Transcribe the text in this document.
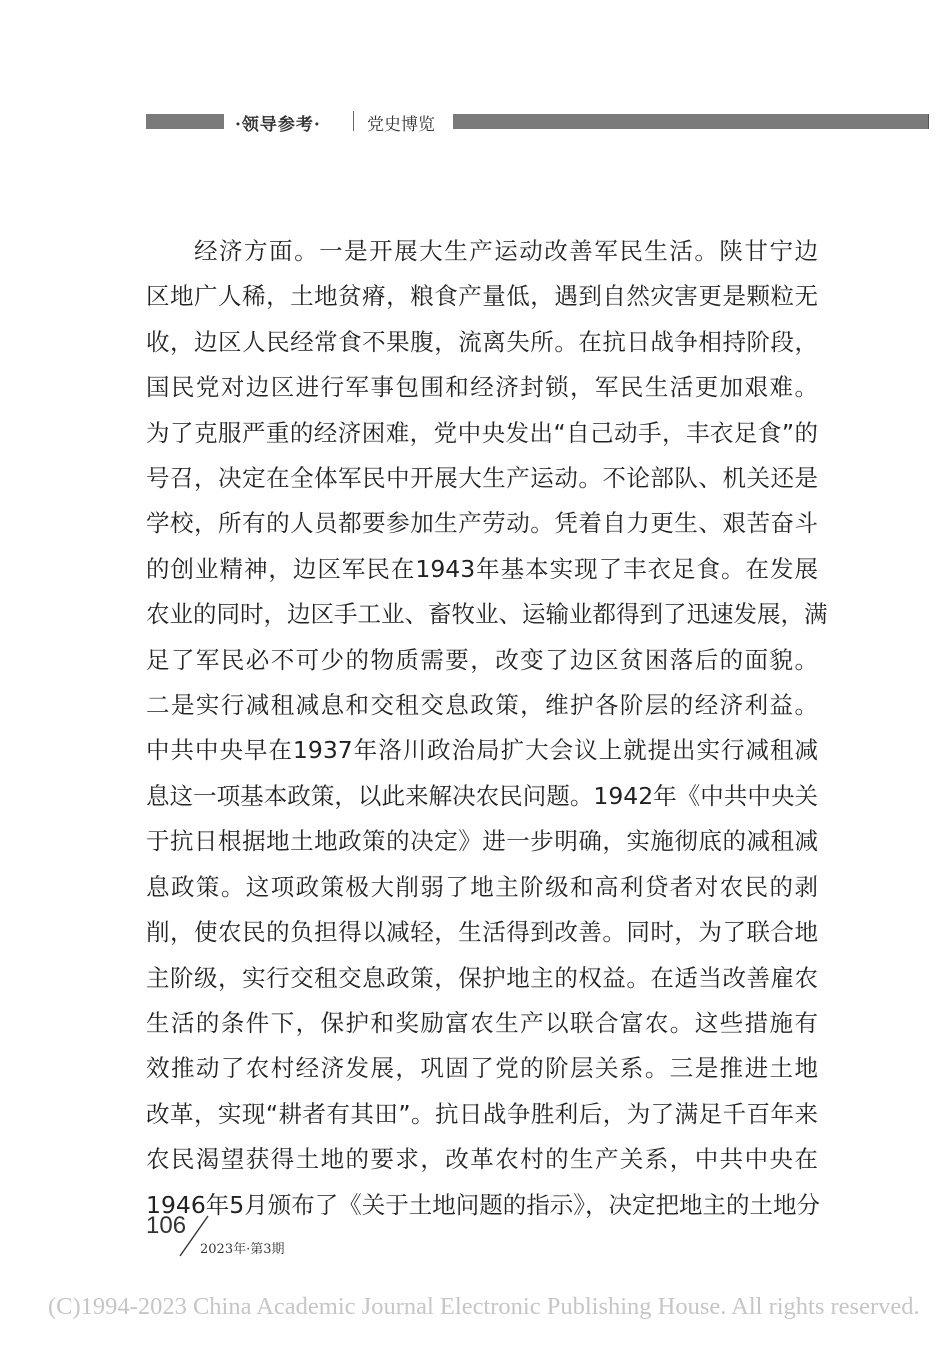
·领导参考·	党史博览
经济方面。一是开展大生产运动改善军民生活。陕甘宁边
区地广人稀，土地贫瘠，粮食产量低，遇到自然灾害更是颗粒无
收，边区人民经常食不果腹，流离失所。在抗日战争相持阶段，
国民党对边区进行军事包围和经济封锁，军民生活更加艰难。
为了克服严重的经济困难，党中央发出“自己动手，丰衣足食”的
号召，决定在全体军民中开展大生产运动。不论部队、机关还是
学校，所有的人员都要参加生产劳动。凭着自力更生、艰苦奋斗
的创业精神，边区军民在1943年基本实现了丰衣足食。在发展
农业的同时，边区手工业、畜牧业、运输业都得到了迅速发展，满
足了军民必不可少的物质需要，改变了边区贫困落后的面貌。
二是实行减租减息和交租交息政策，维护各阶层的经济利益。
中共中央早在1937年洛川政治局扩大会议上就提出实行减租减
息这一项基本政策，以此来解决农民问题。1942年《中共中央关
于抗日根据地土地政策的决定》进一步明确，实施彻底的减租减
息政策。这项政策极大削弱了地主阶级和高利贷者对农民的剥
削，使农民的负担得以减轻，生活得到改善。同时，为了联合地
主阶级，实行交租交息政策，保护地主的权益。在适当改善雇农
生活的条件下，保护和奖励富农生产以联合富农。这些措施有
效推动了农村经济发展，巩固了党的阶层关系。三是推进土地
改革，实现“耕者有其田”。抗日战争胜利后，为了满足千百年来
农民渴望获得土地的要求，改革农村的生产关系，中共中央在
1946年5月颁布了《关于土地问题的指示》，决定把地主的土地分
106
2023年·第3期
(C)1994-2023 China Academic Journal Electronic Publishing House. All rights reserved.
